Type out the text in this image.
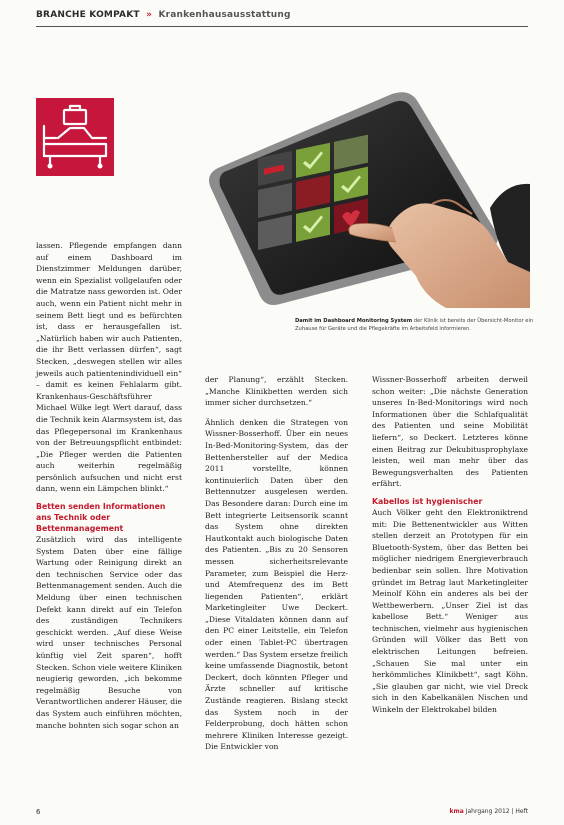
BRANCHE KOMPAKT » Krankenhausausstattung
Damit im Dashboard Monitoring System der Klinik ist bereits der Übersicht-Monitor ein Zuhause für Geräte und die Pflegekräfte im Arbeitsfeld informieren.

lassen. Pflegende empfangen dann auf einem Dashboard im Dienstzimmer Meldungen darüber, wenn ein Spezialist vollgelaufen oder die Matratze nass geworden ist. Oder auch, wenn ein Patient nicht mehr in seinem Bett liegt und es befürchten ist, dass er herausgefallen ist. „Natürlich haben wir auch Patienten, die ihr Bett verlassen dürfen“, sagt Stecken, „deswegen stellen wir alles jeweils auch patientenindividuell ein“ – damit es keinen Fehlalarm gibt. Krankenhaus-Geschäftsführer Michael Wilke legt Wert darauf, dass die Technik kein Alarmsystem ist, das das Pflegepersonal im Krankenhaus von der Betreuungspflicht entbindet: „Die Pfleger werden die Patienten auch weiterhin regelmäßig persönlich aufsuchen und nicht erst dann, wenn ein Lämpchen blinkt.“

Betten senden Informationen ans Technik oder Bettenmanagement

Zusätzlich wird das intelligente System Daten über eine fällige Wartung oder Reinigung direkt an den technischen Service oder das Bettenmanagement senden. Auch die Meldung über einen technischen Defekt kann direkt auf ein Telefon des zuständigen Technikers geschickt werden. „Auf diese Weise wird unser technisches Personal künftig viel Zeit sparen“, hofft Stecken. Schon viele weitere Kliniken neugierig geworden, „ich bekomme regelmäßig Besuche von Verantwortlichen anderer Häuser, die das System auch einführen möchten, manche bohnten sich sogar schon an

der Planung“, erzählt Stecken. „Manche Klinikbetten werden sich immer sicher durchsetzen.“

Ähnlich denken die Strategen von Wissner-Bosserhoff. Über ein neues In-Bed-Monitoring-System, das der Bettenhersteller auf der Medica 2011 vorstellte, können kontinuierlich Daten über den Bettennutzer ausgelesen werden. Das Besondere daran: Durch eine im Bett integrierte Leitsensorik scannt das System ohne direkten Hautkontakt auch biologische Daten des Patienten. „Bis zu 20 Sensoren messen sicherheitsrelevante Parameter, zum Beispiel die Herz- und Atemfrequenz des im Bett liegenden Patienten“, erklärt Marketingleiter Uwe Deckert. „Diese Vitaldaten können dann auf den PC einer Leitstelle, ein Telefon oder einen Tablet-PC übertragen werden.“ Das System ersetze freilich keine umfassende Diagnostik, betont Deckert, doch könnten Pfleger und Ärzte schneller auf kritische Zustände reagieren. Bislang steckt das System noch in der Felderprobung, doch hätten schon mehrere Kliniken Interesse gezeigt. Die Entwickler von

Wissner-Bosserhoff arbeiten derweil schon weiter: „Die nächste Generation unseres In-Bed-Monitorings wird noch Informationen über die Schlafqualität des Patienten und seine Mobilität liefern“, so Deckert. Letzteres könne einen Beitrag zur Dekubitusprophylaxe leisten, weil man mehr über das Bewegungsverhalten des Patienten erfährt.

Kabellos ist hygienischer

Auch Völker geht den Elektroniktrend mit: Die Bettenentwickler aus Witten stellen derzeit an Prototypen für ein Bluetooth-System, über das Betten bei möglicher niedrigem Energieverbrauch bedienbar sein sollen. Ihre Motivation gründet im Betrag laut Marketingleiter Meinolf Köhn ein anderes als bei der Wettbewerbern. „Unser Ziel ist das kabellose Bett.“ Weniger aus technischen, vielmehr aus hygienischen Gründen will Völker das Bett von elektrischen Leitungen befreien. „Schauen Sie mal unter ein herkömmliches Klinikbett“, sagt Köhn. „Sie glauben gar nicht, wie viel Dreck sich in den Kabelkanälen Nischen und Winkeln der Elektrokabel bilden

6	kma Jahrgang 2012 | Heft
